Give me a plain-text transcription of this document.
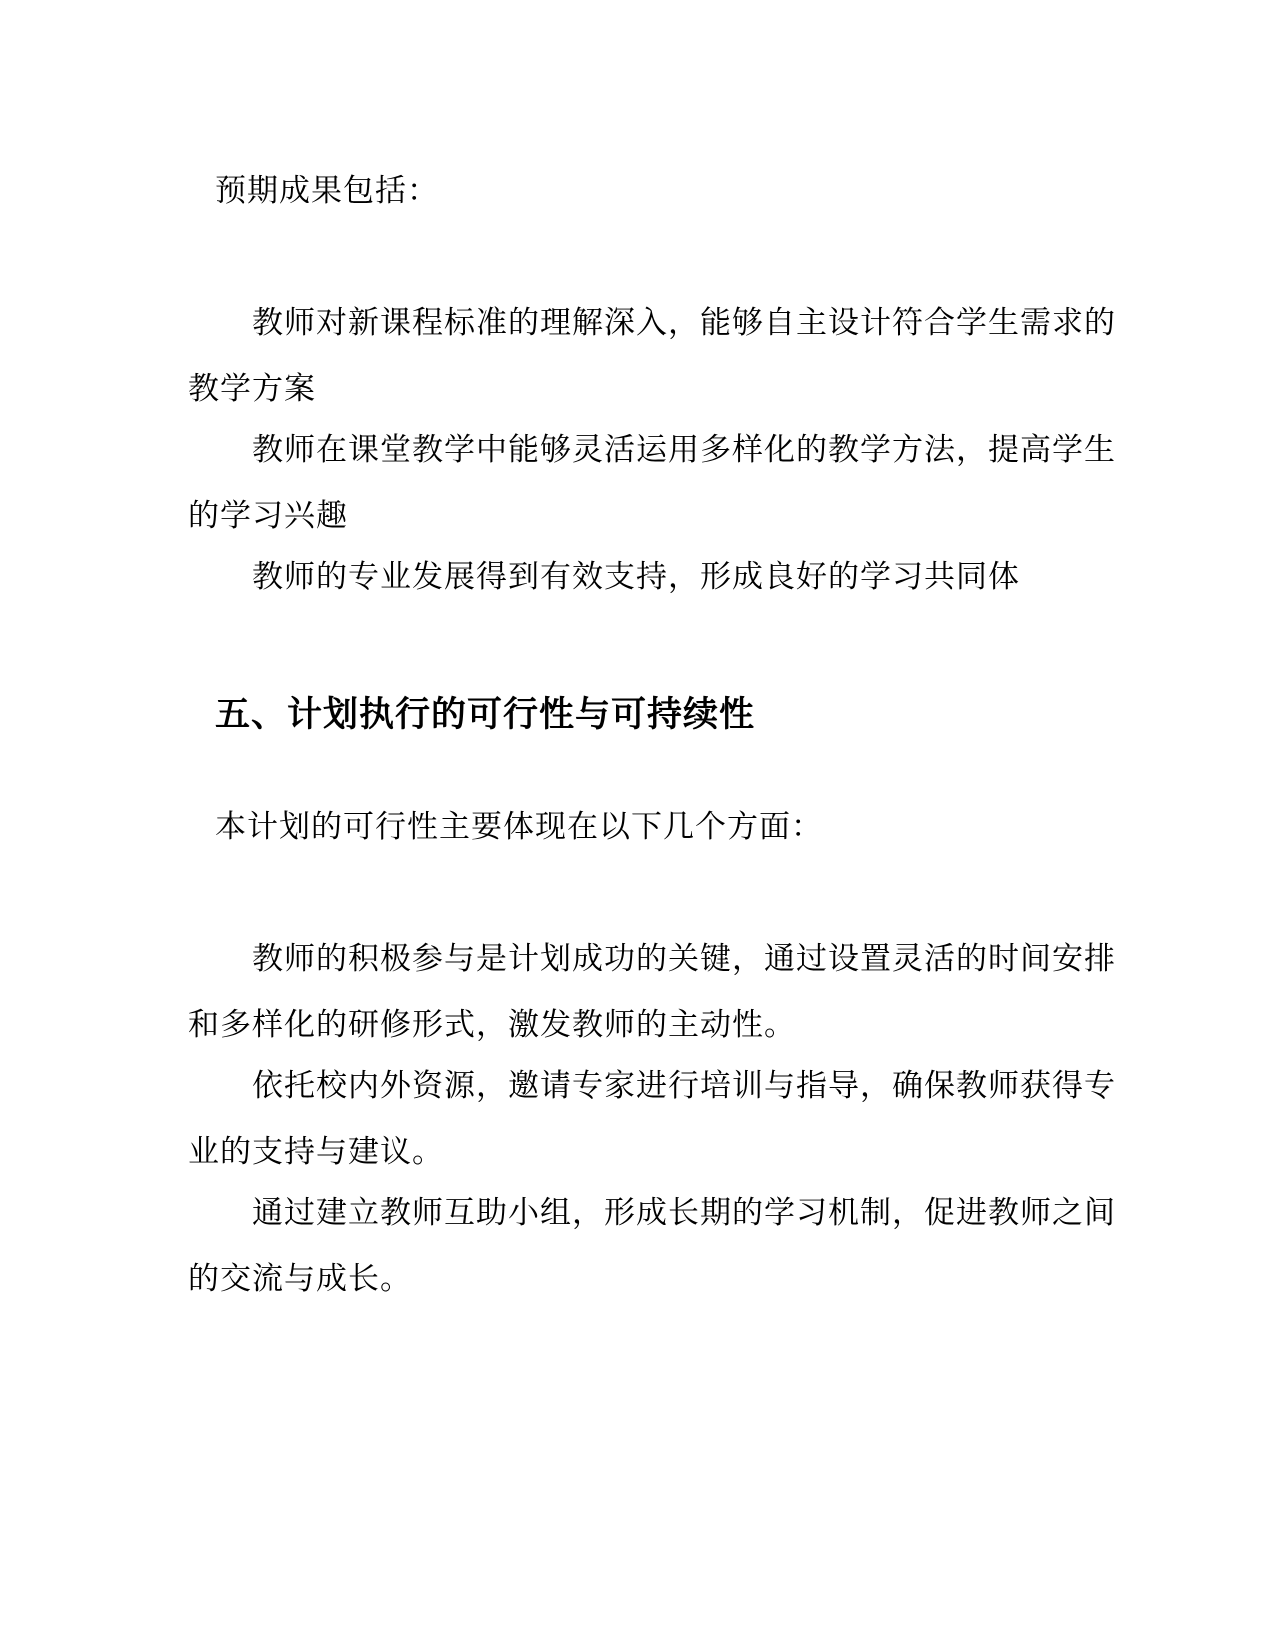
预期成果包括：

教师对新课程标准的理解深入，能够自主设计符合学生需求的教学方案

教师在课堂教学中能够灵活运用多样化的教学方法，提高学生的学习兴趣

教师的专业发展得到有效支持，形成良好的学习共同体

五、计划执行的可行性与可持续性

本计划的可行性主要体现在以下几个方面：

教师的积极参与是计划成功的关键，通过设置灵活的时间安排和多样化的研修形式，激发教师的主动性。

依托校内外资源，邀请专家进行培训与指导，确保教师获得专业的支持与建议。

通过建立教师互助小组，形成长期的学习机制，促进教师之间的交流与成长。
